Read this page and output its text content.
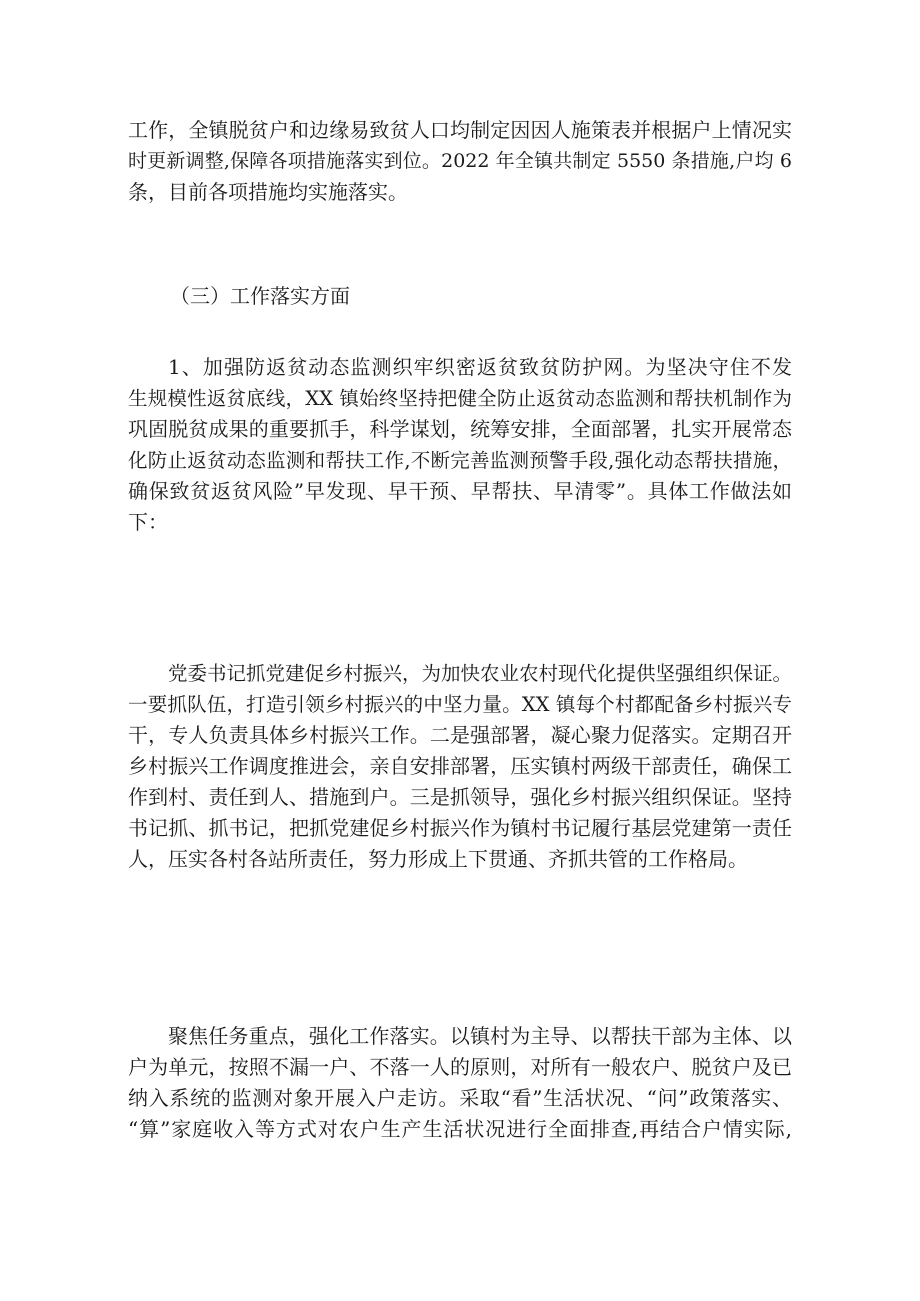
工作，全镇脱贫户和边缘易致贫人口均制定因因人施策表并根据户上情况实
时更新调整,保障各项措施落实到位。2022 年全镇共制定 5550 条措施,户均 6
条，目前各项措施均实施落实。
（三）工作落实方面
1、加强防返贫动态监测织牢织密返贫致贫防护网。为坚决守住不发
生规模性返贫底线，XX 镇始终坚持把健全防止返贫动态监测和帮扶机制作为
巩固脱贫成果的重要抓手，科学谋划，统筹安排，全面部署，扎实开展常态
化防止返贫动态监测和帮扶工作,不断完善监测预警手段,强化动态帮扶措施，
确保致贫返贫风险”早发现、早干预、早帮扶、早清零”。具体工作做法如
下：
党委书记抓党建促乡村振兴，为加快农业农村现代化提供坚强组织保证。
一要抓队伍，打造引领乡村振兴的中坚力量。XX 镇每个村都配备乡村振兴专
干，专人负责具体乡村振兴工作。二是强部署，凝心聚力促落实。定期召开
乡村振兴工作调度推进会，亲自安排部署，压实镇村两级干部责任，确保工
作到村、责任到人、措施到户。三是抓领导，强化乡村振兴组织保证。坚持
书记抓、抓书记，把抓党建促乡村振兴作为镇村书记履行基层党建第一责任
人，压实各村各站所责任，努力形成上下贯通、齐抓共管的工作格局。
聚焦任务重点，强化工作落实。以镇村为主导、以帮扶干部为主体、以
户为单元，按照不漏一户、不落一人的原则，对所有一般农户、脱贫户及已
纳入系统的监测对象开展入户走访。采取“看”生活状况、“问”政策落实、
“算”家庭收入等方式对农户生产生活状况进行全面排查,再结合户情实际,
